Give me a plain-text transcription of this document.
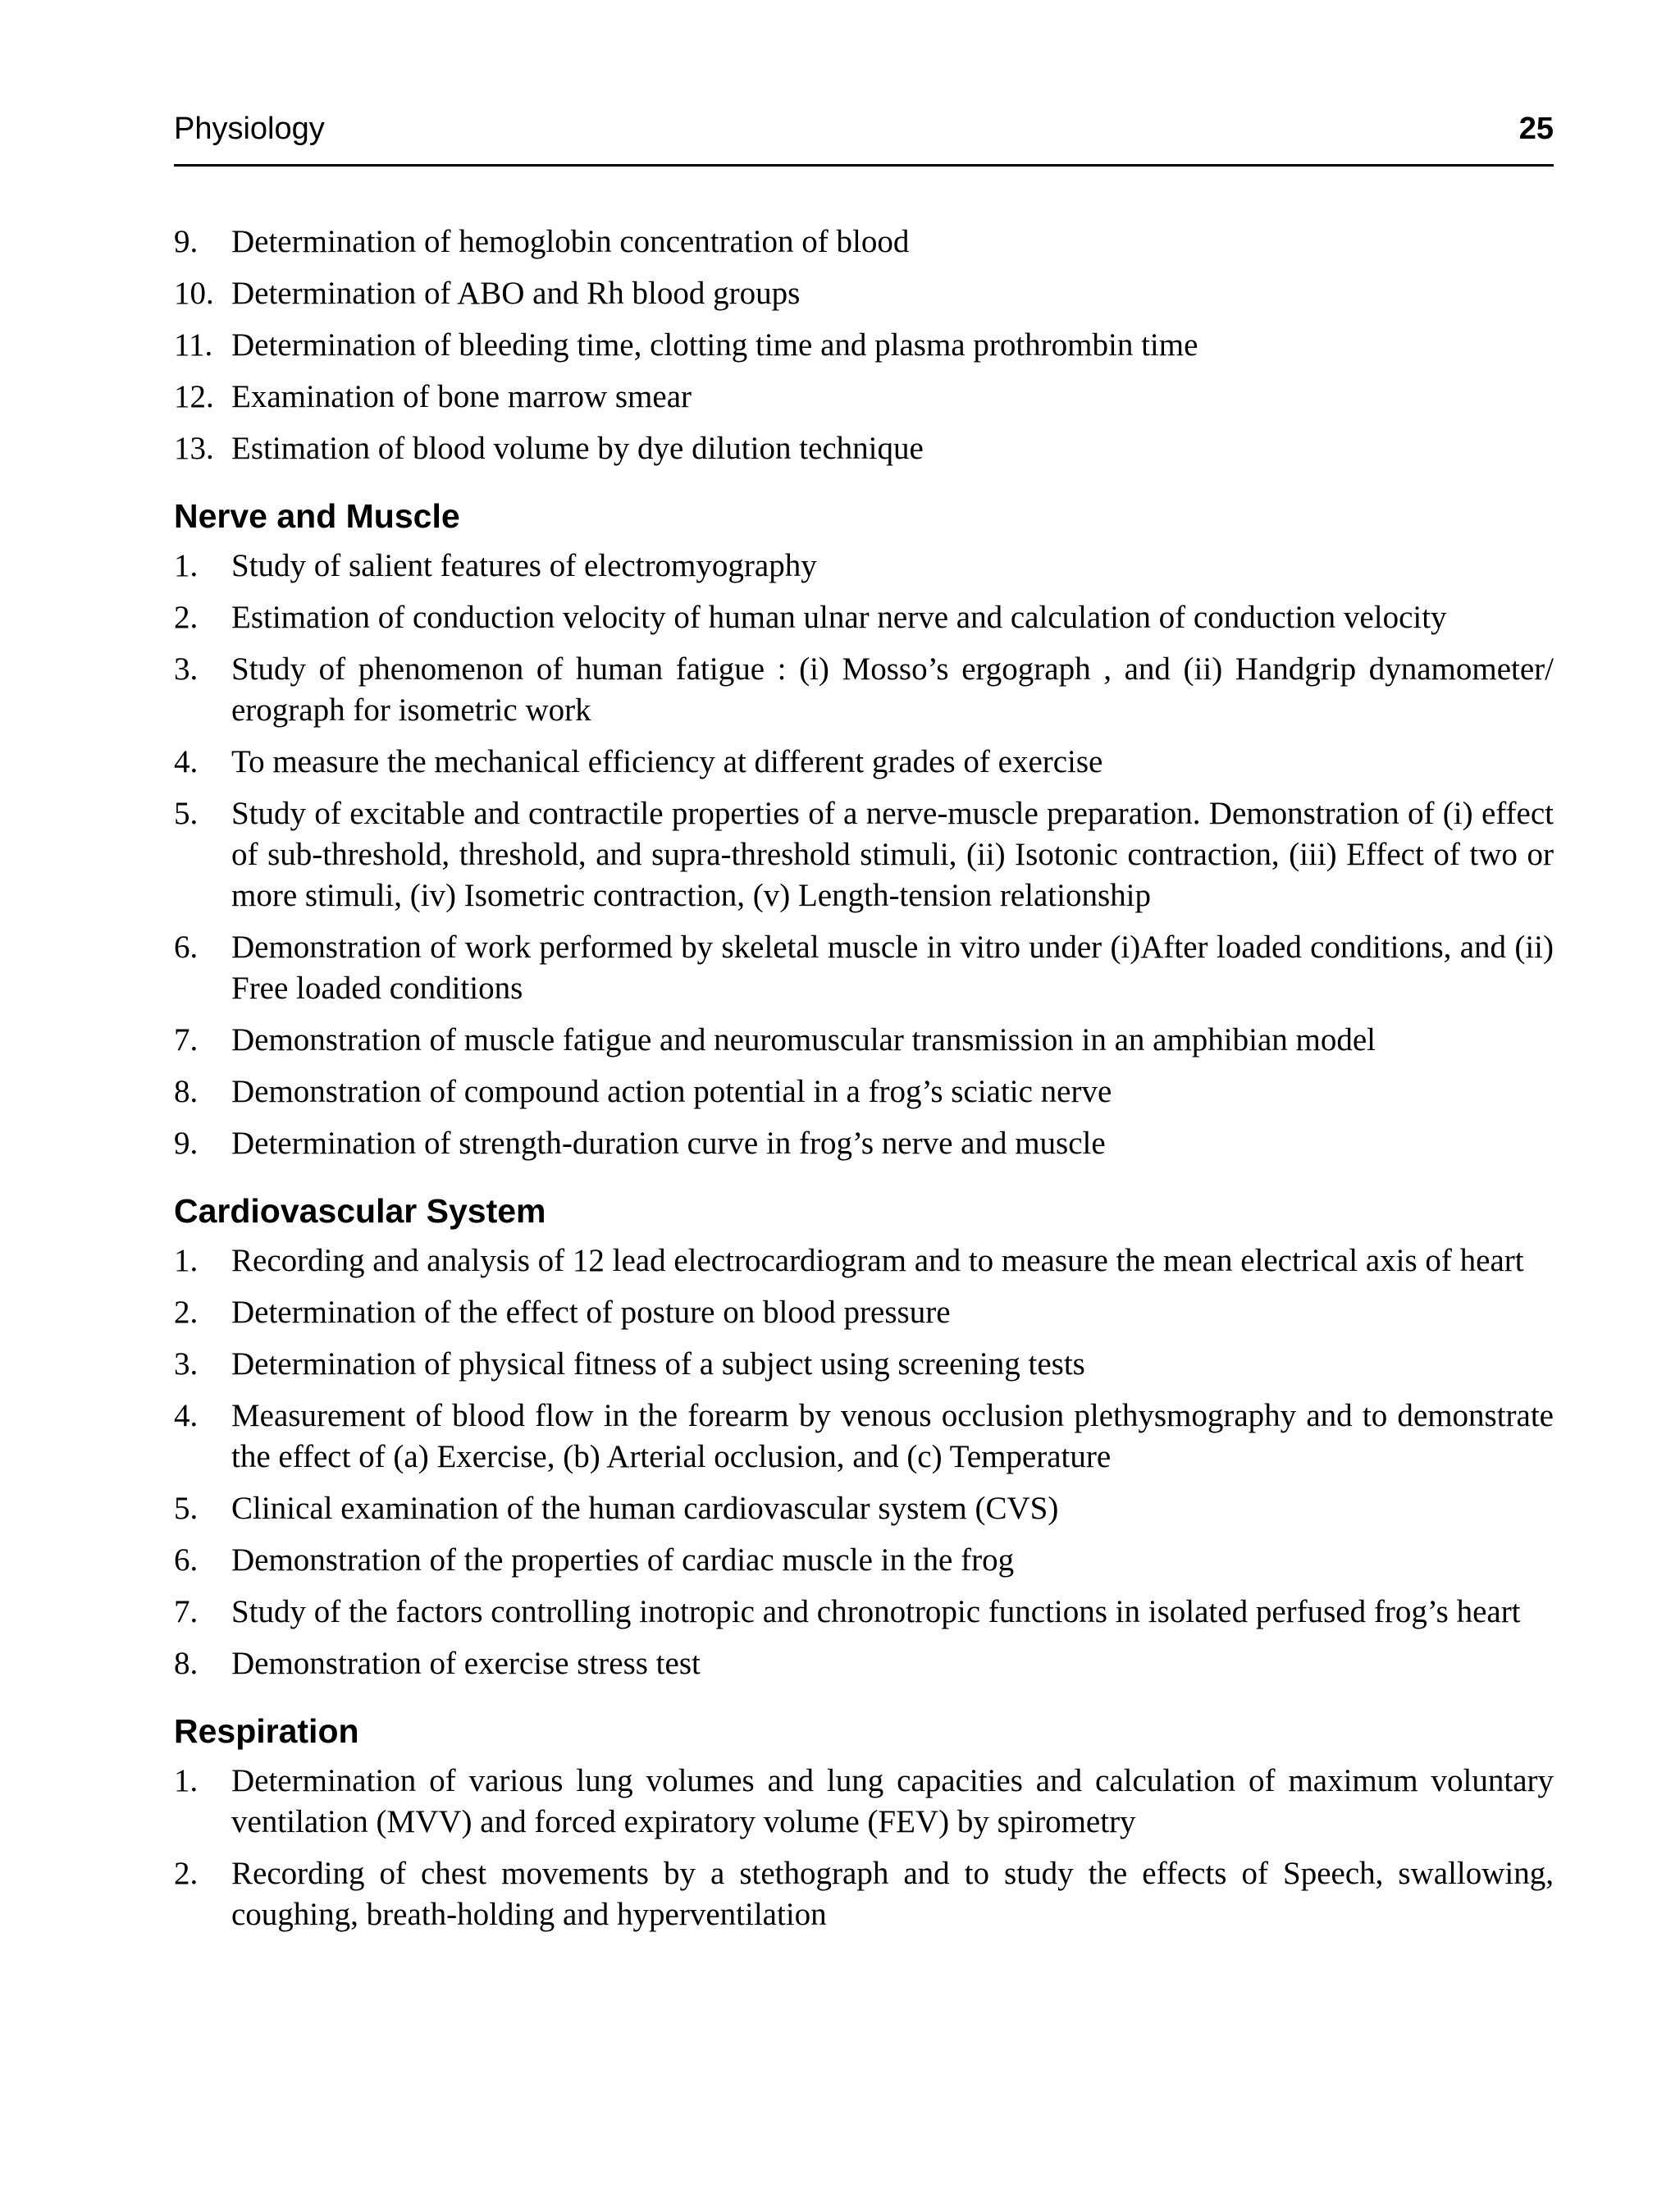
Physiology	25
9. Determination of hemoglobin concentration of blood
10. Determination of ABO and Rh blood groups
11. Determination of bleeding time, clotting time and plasma prothrombin time
12. Examination of bone marrow smear
13. Estimation of blood volume by dye dilution technique
Nerve and Muscle
1. Study of salient features of electromyography
2. Estimation of conduction velocity of human ulnar nerve and calculation of conduction velocity
3. Study of phenomenon of human fatigue : (i) Mosso’s ergograph , and (ii) Handgrip dynamometer/ erograph for isometric work
4. To measure the mechanical efficiency at different grades of exercise
5. Study of excitable and contractile properties of a nerve-muscle preparation. Demonstration of (i) effect of sub-threshold, threshold, and supra-threshold stimuli, (ii) Isotonic contraction, (iii) Effect of two or more stimuli, (iv) Isometric contraction, (v) Length-tension relationship
6. Demonstration of work performed by skeletal muscle in vitro under (i)After loaded conditions, and (ii) Free loaded conditions
7. Demonstration of muscle fatigue and neuromuscular transmission in an amphibian model
8. Demonstration of compound action potential in a frog’s sciatic nerve
9. Determination of strength-duration curve in frog’s nerve and muscle
Cardiovascular System
1. Recording and analysis of 12 lead electrocardiogram and to measure the mean electrical axis of heart
2. Determination of the effect of posture on blood pressure
3. Determination of physical fitness of a subject using screening tests
4. Measurement of blood flow in the forearm by venous occlusion plethysmography and to demonstrate the effect of (a) Exercise, (b) Arterial occlusion, and (c) Temperature
5. Clinical examination of the human cardiovascular system (CVS)
6. Demonstration of the properties of cardiac muscle in the frog
7. Study of the factors controlling inotropic and chronotropic functions in isolated perfused frog’s heart
8. Demonstration of exercise stress test
Respiration
1. Determination of various lung volumes and lung capacities and calculation of maximum voluntary ventilation (MVV) and forced expiratory volume (FEV) by spirometry
2. Recording of chest movements by a stethograph and to study the effects of Speech, swallowing, coughing, breath-holding and hyperventilation
